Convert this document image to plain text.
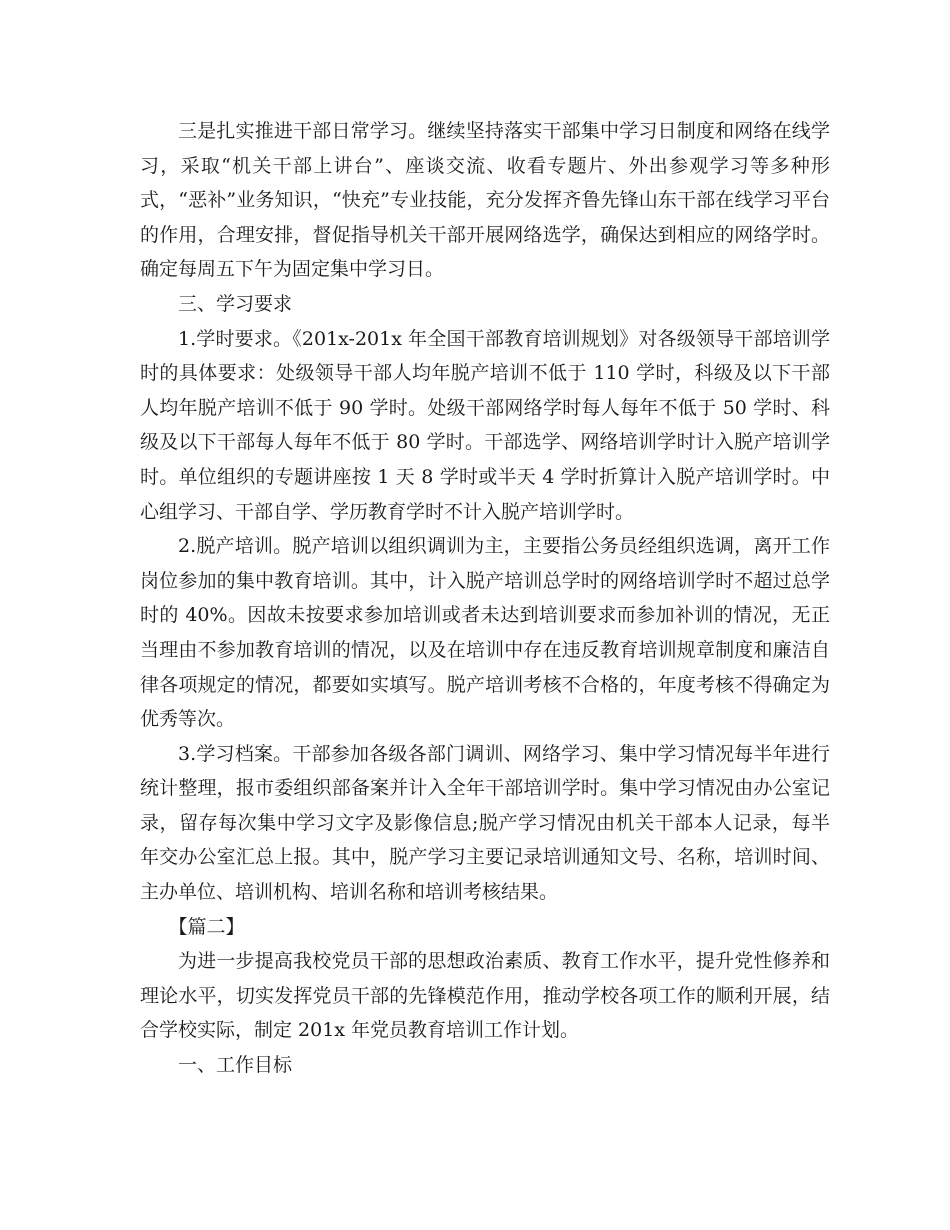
三是扎实推进干部日常学习。继续坚持落实干部集中学习日制度和网络在线学习，采取“机关干部上讲台”、座谈交流、收看专题片、外出参观学习等多种形式，“恶补”业务知识，“快充”专业技能，充分发挥齐鲁先锋山东干部在线学习平台的作用，合理安排，督促指导机关干部开展网络选学，确保达到相应的网络学时。确定每周五下午为固定集中学习日。

三、学习要求

1.学时要求。《201x-201x 年全国干部教育培训规划》对各级领导干部培训学时的具体要求：处级领导干部人均年脱产培训不低于 110 学时，科级及以下干部人均年脱产培训不低于 90 学时。处级干部网络学时每人每年不低于 50 学时、科级及以下干部每人每年不低于 80 学时。干部选学、网络培训学时计入脱产培训学时。单位组织的专题讲座按 1 天 8 学时或半天 4 学时折算计入脱产培训学时。中心组学习、干部自学、学历教育学时不计入脱产培训学时。

2.脱产培训。脱产培训以组织调训为主，主要指公务员经组织选调，离开工作岗位参加的集中教育培训。其中，计入脱产培训总学时的网络培训学时不超过总学时的 40%。因故未按要求参加培训或者未达到培训要求而参加补训的情况，无正当理由不参加教育培训的情况，以及在培训中存在违反教育培训规章制度和廉洁自律各项规定的情况，都要如实填写。脱产培训考核不合格的，年度考核不得确定为优秀等次。

3.学习档案。干部参加各级各部门调训、网络学习、集中学习情况每半年进行统计整理，报市委组织部备案并计入全年干部培训学时。集中学习情况由办公室记录，留存每次集中学习文字及影像信息;脱产学习情况由机关干部本人记录，每半年交办公室汇总上报。其中，脱产学习主要记录培训通知文号、名称，培训时间、主办单位、培训机构、培训名称和培训考核结果。

【篇二】

为进一步提高我校党员干部的思想政治素质、教育工作水平，提升党性修养和理论水平，切实发挥党员干部的先锋模范作用，推动学校各项工作的顺利开展，结合学校实际，制定 201x 年党员教育培训工作计划。

一、工作目标
